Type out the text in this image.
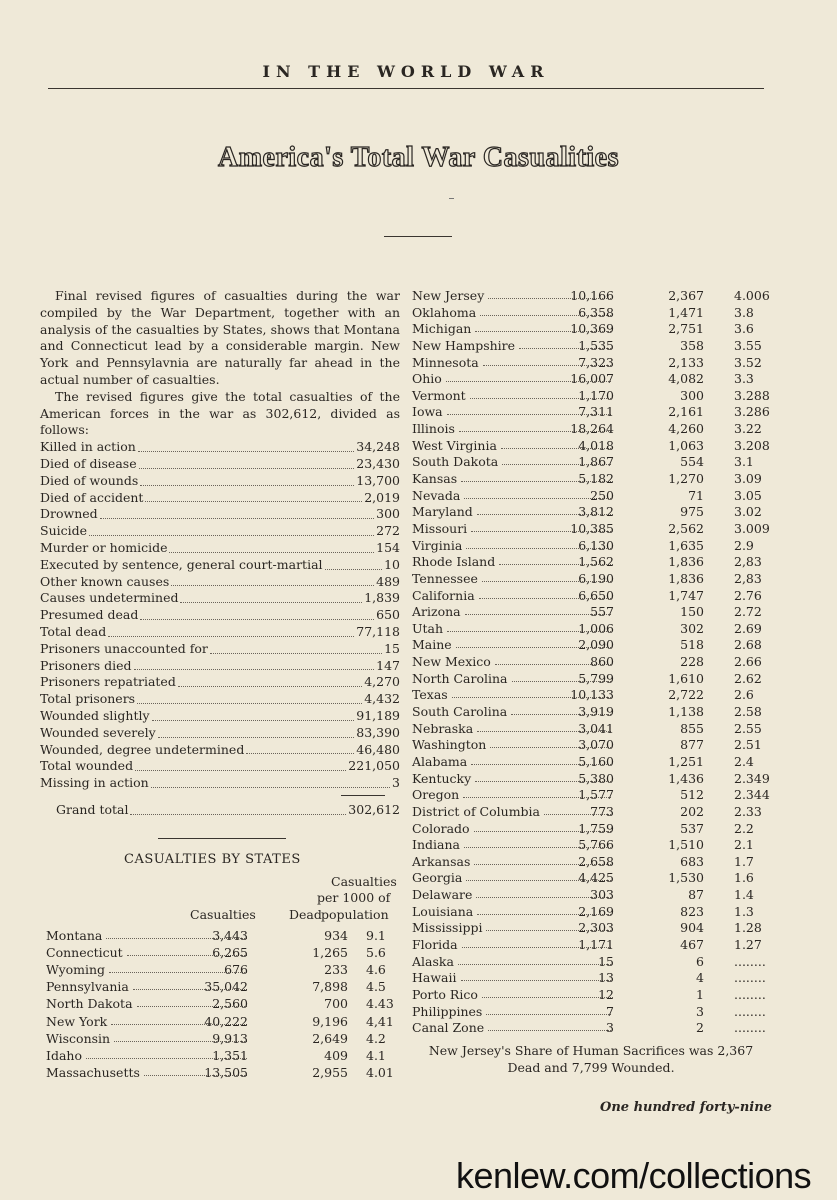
IN THE WORLD WAR
America's Total War Casualities

Final revised figures of casualties during the war compiled by the War Department, together with an analysis of the casualties by States, shows that Montana and Connecticut lead by a considerable margin. New York and Pennsylavnia are naturally far ahead in the actual number of casualties.

The revised figures give the total casualties of the American forces in the war as 302,612, divided as follows:

Killed in action	34,248
Died of disease	23,430
Died of wounds	13,700
Died of accident	2,019
Drowned	300
Suicide	272
Murder or homicide	154
Executed by sentence, general court-martial	10
Other known causes	489
Causes undetermined	1,839
Presumed dead	650
Total dead	77,118
Prisoners unaccounted for	15
Prisoners died	147
Prisoners repatriated	4,270
Total prisoners	4,432
Wounded slightly	91,189
Wounded severely	83,390
Wounded, degree undetermined	46,480
Total wounded	221,050
Missing in action	3
Grand total	302,612
CASUALTIES BY STATES
Casualties
per 1000 of
Casualties	Dead population
Montana	3,443	934 9.1
Connecticut	6,265	1,265 5.6
Wyoming	676	233 4.6
Pennsylvania	35,042	7,898 4.5
North Dakota	2,560	700 4.43
New York	40,222	9,196 4,41
Wisconsin	9,913	2,649 4.2
Idaho	1,351	409 4.1
Massachusetts	13,505	2,955 4.01
New Jersey	10,166	2,367 4.006
Oklahoma	6,358	1,471 3.8
Michigan	10,369	2,751 3.6
New Hampshire	1,535	358 3.55
Minnesota	7,323	2,133 3.52
Ohio	16,007	4,082 3.3
Vermont	1,170	300 3.288
Iowa	7,311	2,161 3.286
Illinois	18,264	4,260 3.22
West Virginia	4,018	1,063 3.208
South Dakota	1,867	554 3.1
Kansas	5,182	1,270 3.09
Nevada	250	71 3.05
Maryland	3,812	975 3.02
Missouri	10,385	2,562 3.009
Virginia	6,130	1,635 2.9
Rhode Island	1,562	1,836 2,83
Tennessee	6,190	1,836 2,83
California	6,650	1,747 2.76
Arizona	557	150 2.72
Utah	1,006	302 2.69
Maine	2,090	518 2.68
New Mexico	860	228 2.66
North Carolina	5,799	1,610 2.62
Texas	10,133	2,722 2.6
South Carolina	3,919	1,138 2.58
Nebraska	3,041	855 2.55
Washington	3,070	877 2.51
Alabama	5,160	1,251 2.4
Kentucky	5,380	1,436 2.349
Oregon	1,577	512 2.344
District of Columbia	773	202 2.33
Colorado	1,759	537 2.2
Indiana	5,766	1,510 2.1
Arkansas	2,658	683 1.7
Georgia	4,425	1,530 1.6
Delaware	303	87 1.4
Louisiana	2,169	823 1.3
Mississippi	2,303	904 1.28
Florida	1,171	467 1.27
Alaska	15	6 ........
Hawaii	13	4 ........
Porto Rico	12	1 ........
Philippines	7	3 ........
Canal Zone	3	2 ........
New Jersey's Share of Human Sacrifices was 2,367 Dead and 7,799 Wounded.
One hundred forty-nine
kenlew.com/collections
